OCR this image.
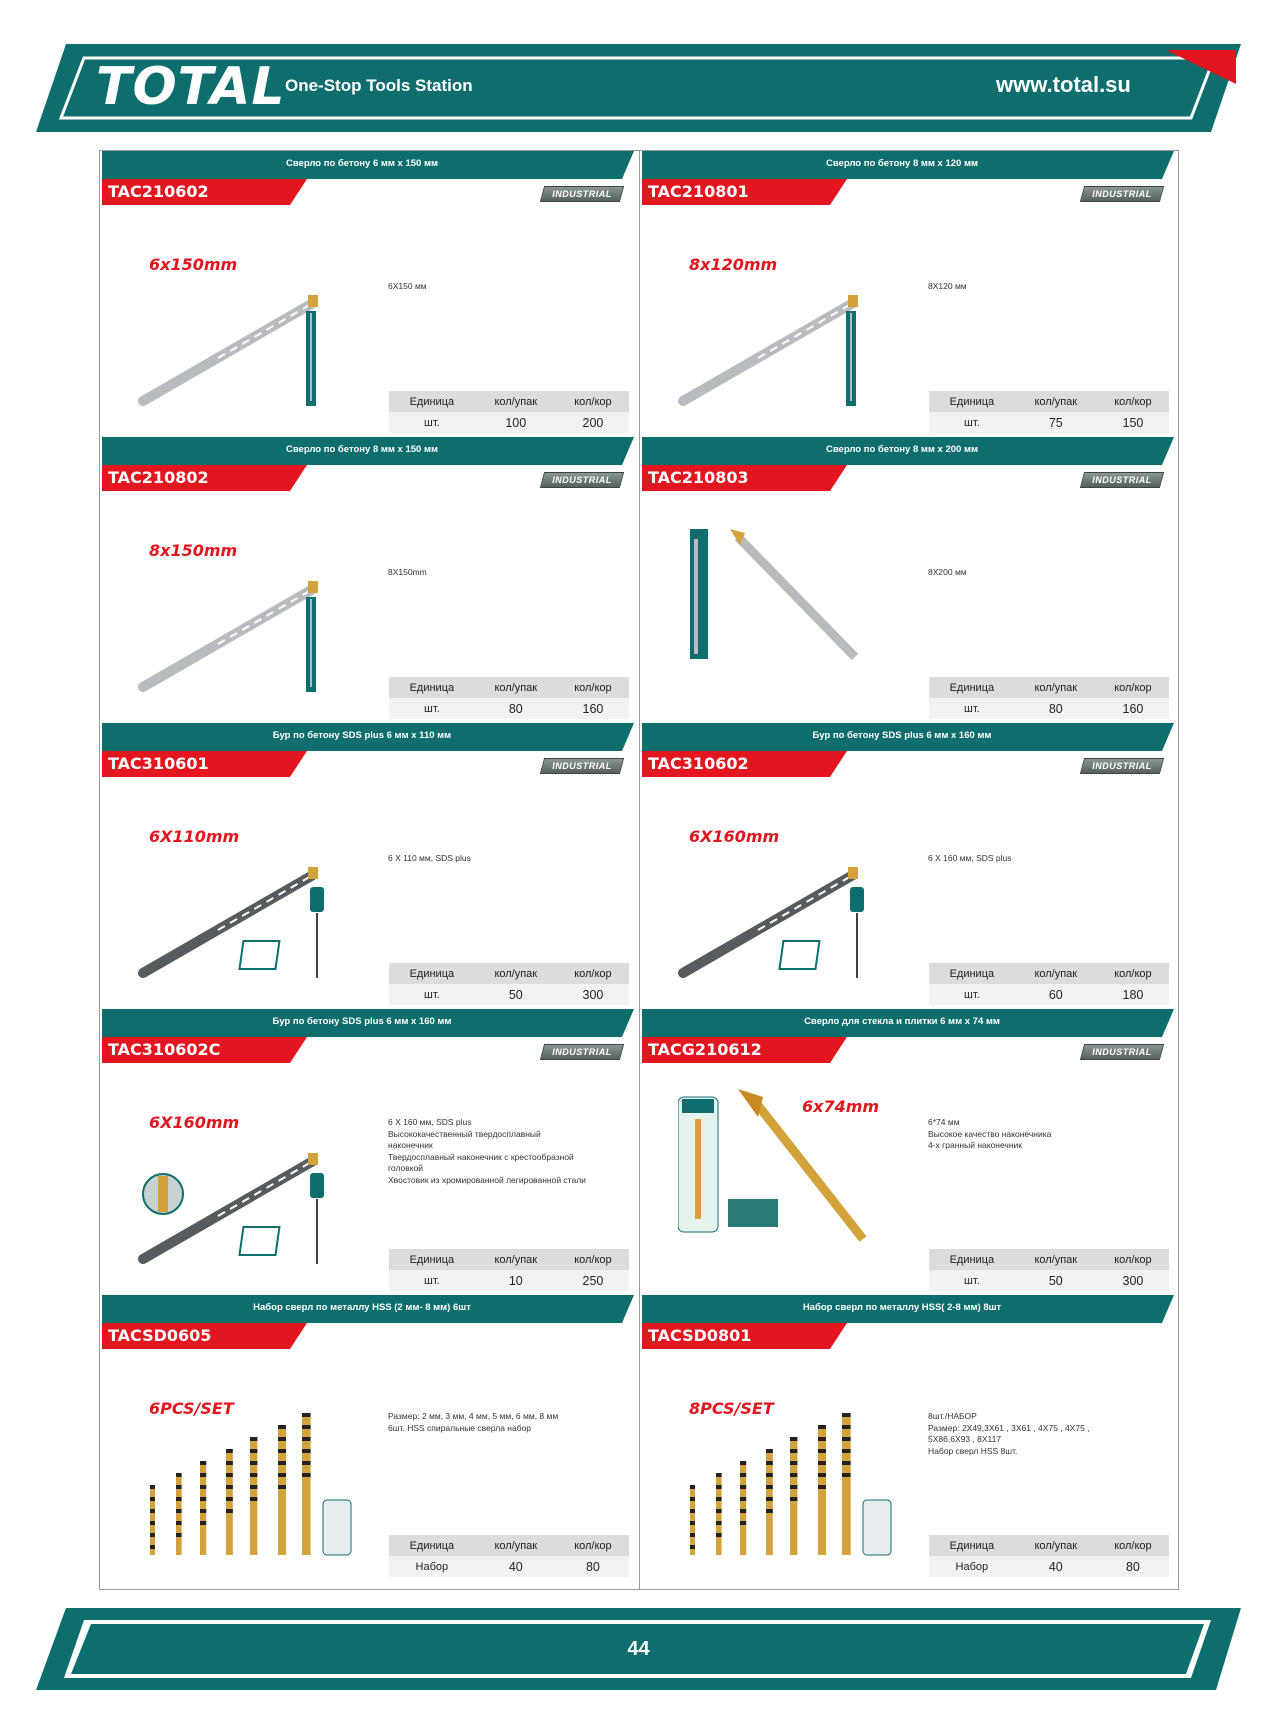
TOTAL One-Stop Tools Station	www.total.su
Сверло по бетону 6 мм х 150 мм
TAC210602	INDUSTRIAL
6x150mm
6X150 мм
Единица	кол/упак	кол/кор
шт.	100	200
Сверло по бетону 8 мм х 120 мм
TAC210801	INDUSTRIAL
8x120mm
8X120 мм
Единица	кол/упак	кол/кор
шт.	75	150
Сверло по бетону 8 мм х 150 мм
TAC210802	INDUSTRIAL
8x150mm
8X150mm
Единица	кол/упак	кол/кор
шт.	80	160
Сверло по бетону 8 мм х 200 мм
TAC210803	INDUSTRIAL
8X200 мм
Единица	кол/упак	кол/кор
шт.	80	160
Бур по бетону SDS plus 6 мм х 110 мм
TAC310601	INDUSTRIAL
6X110mm
6 X 110 мм, SDS plus
Единица	кол/упак	кол/кор
шт.	50	300
Бур по бетону SDS plus 6 мм х 160 мм
TAC310602	INDUSTRIAL
6X160mm
6 X 160 мм, SDS plus
Единица	кол/упак	кол/кор
шт.	60	180
Бур по бетону SDS plus 6 мм х 160 мм
TAC310602C	INDUSTRIAL
6X160mm	6 X 160 мм, SDS plus
Высококачественный твердосплавный
наконечник
Твердосплавный наконечник с крестообразной
головкой
Хвостовик из хромированной легированной стали
Единица	кол/упак	кол/кор
шт.	10	250
Сверло для стекла и плитки 6 мм х 74 мм
TACG210612	INDUSTRIAL
6x74mm
6*74 мм
Высокое качество наконечника
4-х гранный наконечник
Единица	кол/упак	кол/кор
шт.	50	300
Набор сверл по металлу HSS (2 мм- 8 мм) 6шт
TACSD0605
6PCS/SET	Размер: 2 мм, 3 мм, 4 мм, 5 мм, 6 мм, 8 мм
6шт. HSS спиральные сверла набор
Единица	кол/упак	кол/кор
Набор	40	80
Набор сверл по металлу HSS( 2-8 мм) 8шт
TACSD0801
8PCS/SET	8шт./НАБОР
Размер: 2X49,3X61 , 3X61 , 4X75 , 4X75 ,
5X86,6X93 , 8X117
Набор сверл HSS 8шт.
Единица	кол/упак	кол/кор
Набор	40	80
44
